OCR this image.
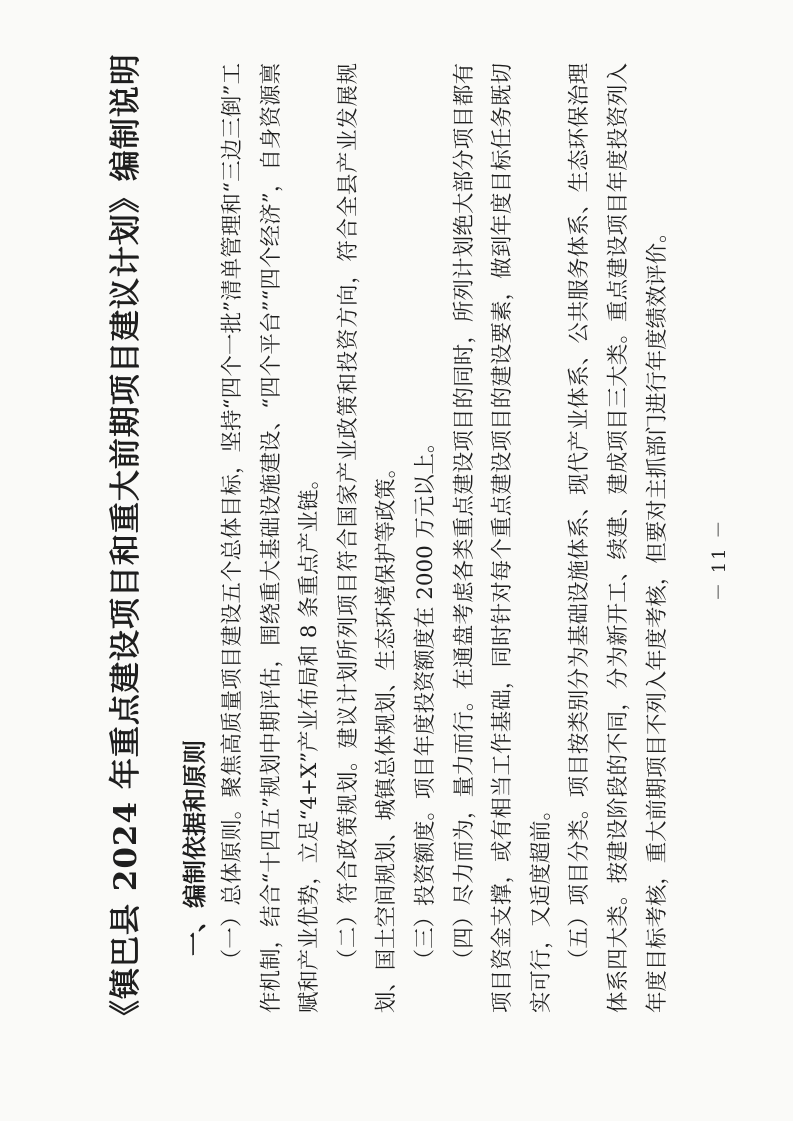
《镇巴县 2024 年重点建设项目和重大前期项目建议计划》编制说明 一、编制依据和原则 （一）总体原则。聚焦高质量项目建设五个总体目标，坚持“四个一批”清单管理和“三边三倒”工作机制，结合“十四五”规划中期评估，围绕重大基础设施建设、“四个平台”“四个经济”，自身资源禀赋和产业优势，立足“4+X”产业布局和 8 条重点产业链。 （二）符合政策规划。建议计划所列项目符合国家产业政策和投资方向，符合全县产业发展规划、国土空间规划、城镇总体规划、生态环境保护等政策。 （三）投资额度。项目年度投资额度在 2000 万元以上。 （四）尽力而为，量力而行。在通盘考虑各类重点建设项目的同时，所列计划绝大部分项目都有项目资金支撑，或有相当工作基础，同时针对每个重点建设项目的建设要素，做到年度目标任务既切实可行，又适度超前。 （五）项目分类。项目按类别分为基础设施体系、现代产业体系、公共服务体系、生态环保治理体系四大类。按建设阶段的不同，分为新开工、续建、建成项目三大类。重点建设项目年度投资列入年度目标考核，重大前期项目不列入年度考核，但要对主抓部门进行年度绩效评价。	－ 11 －
